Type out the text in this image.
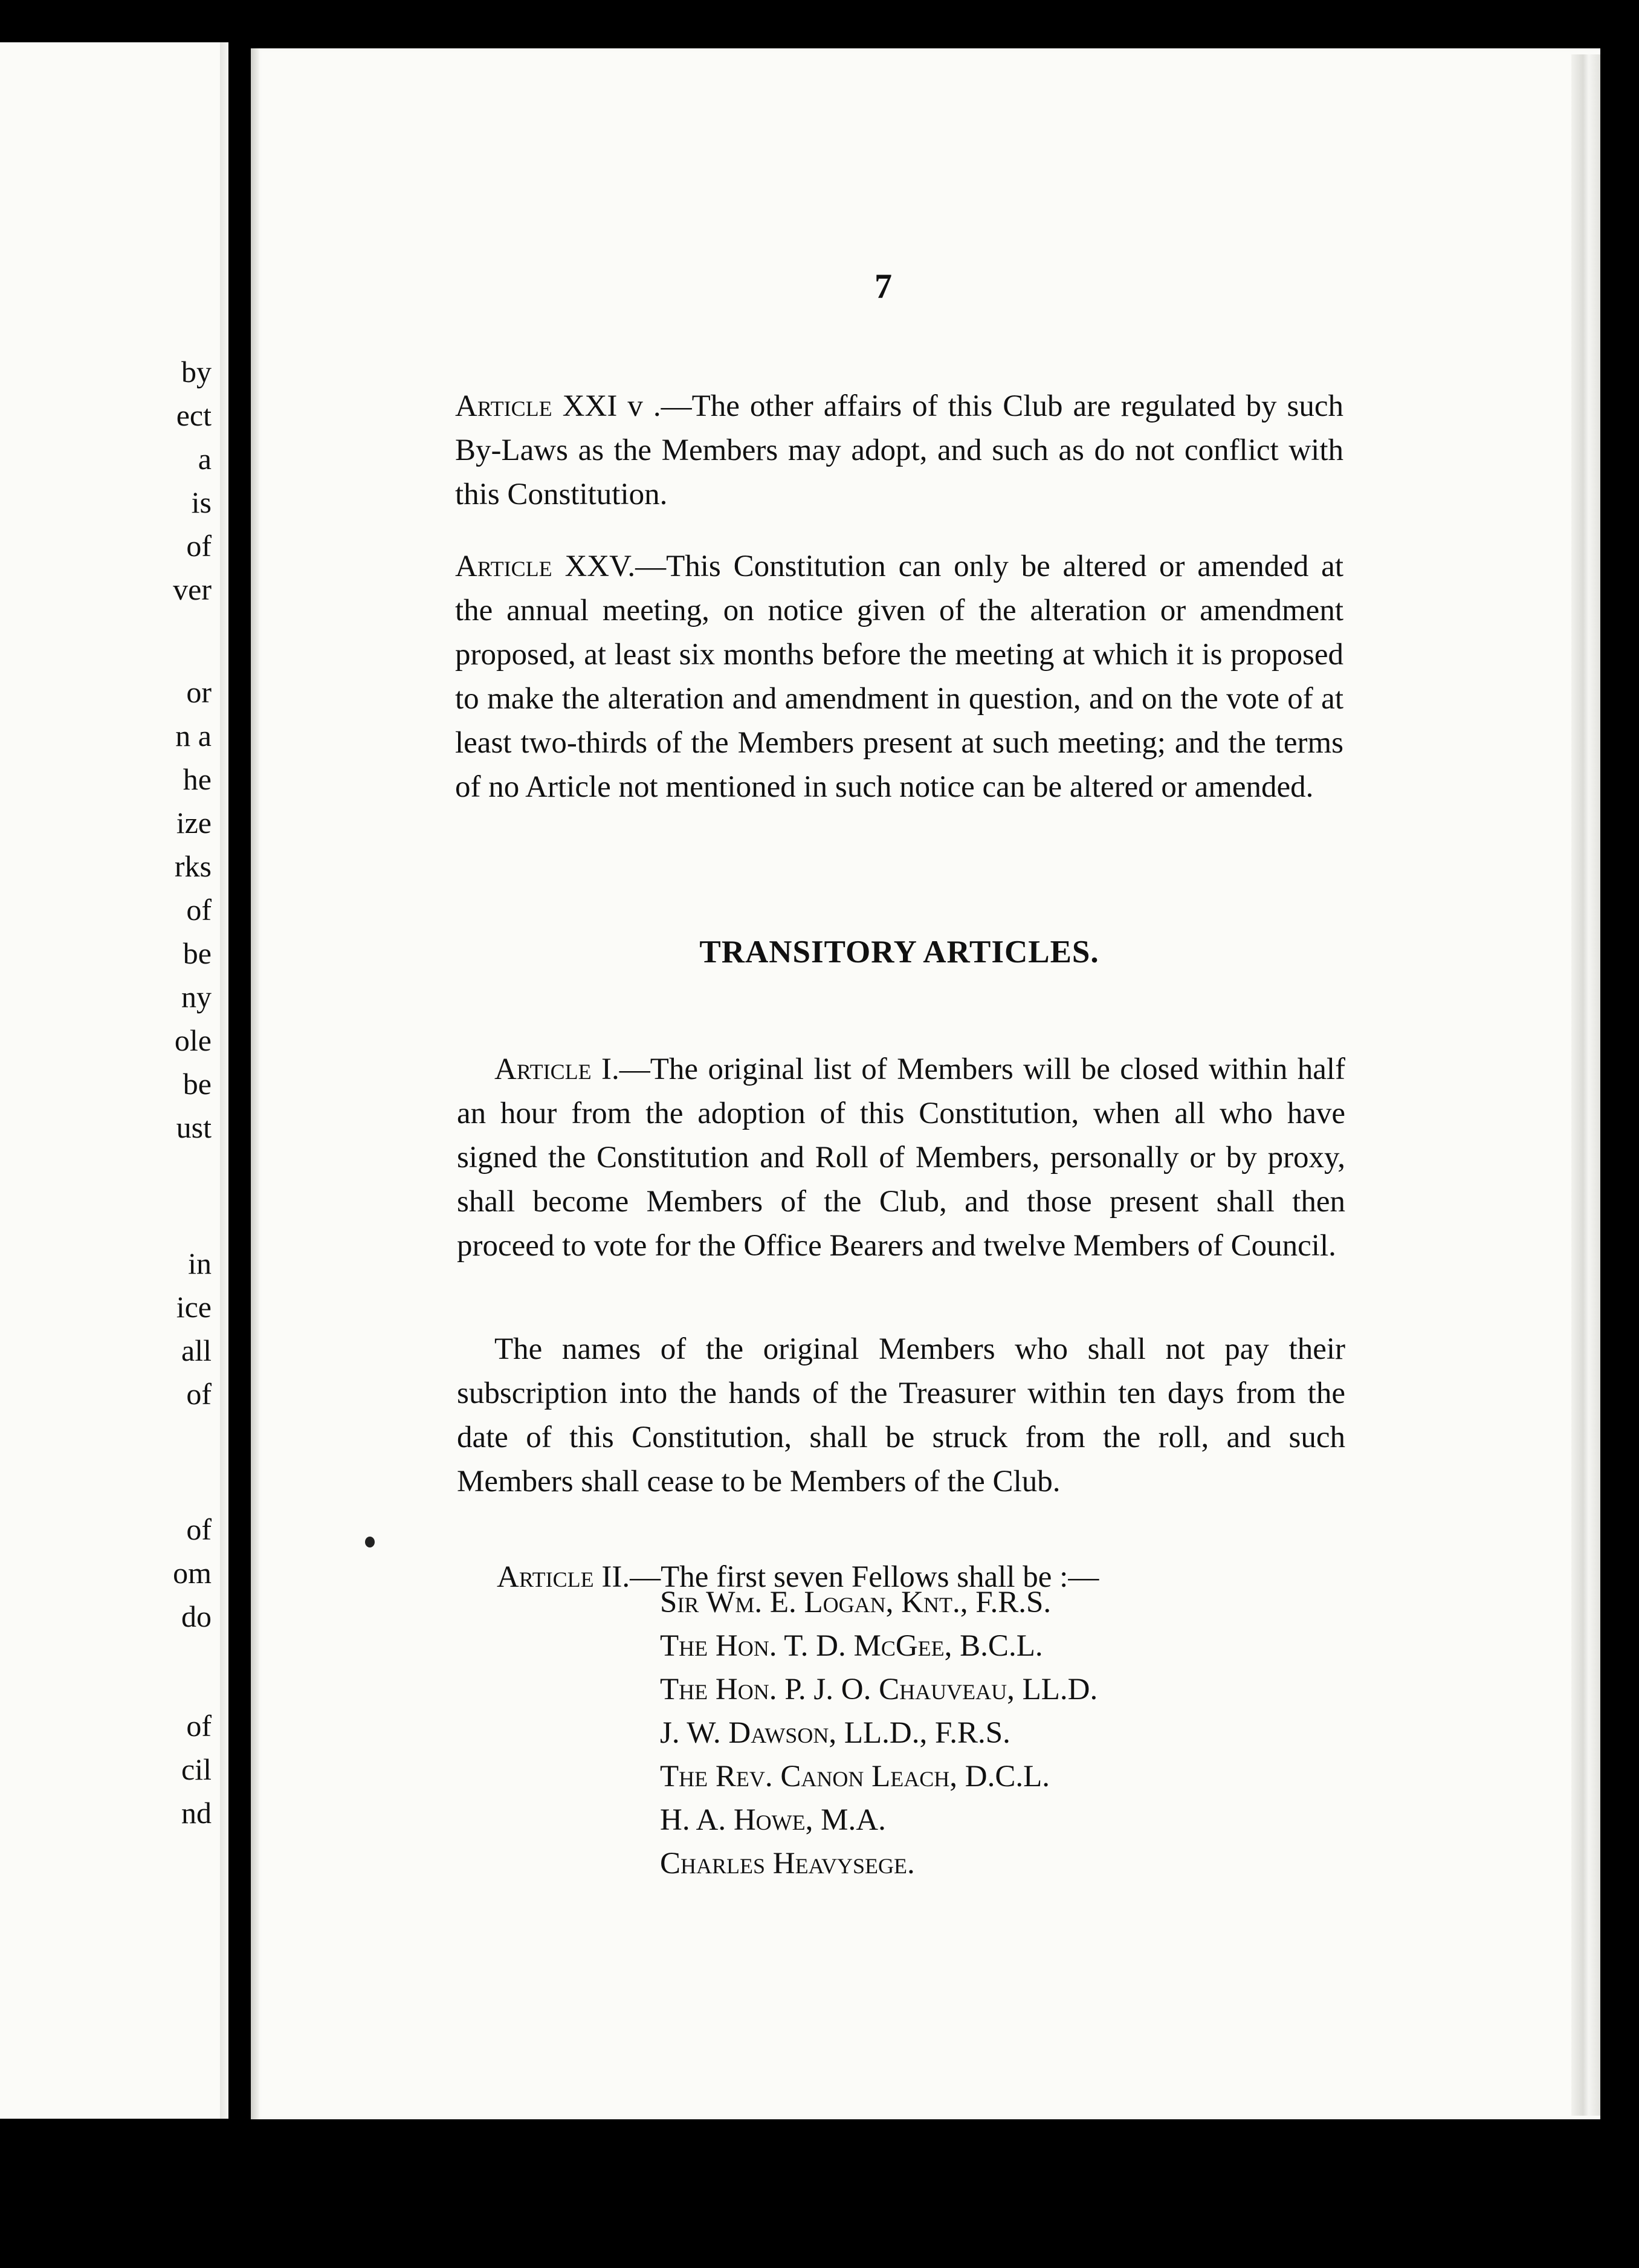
by
ect
a
is
of
ver
or
n a
he
ize
rks
of
be
ny
ole
be
ust
in
ice
all
of
of
om
do
of
cil
nd
7

Article XXI v .—The other affairs of this Club are regulated by such By-Laws as the Members may adopt, and such as do not conflict with this Constitution.

Article XXV.—This Constitution can only be altered or amended at the annual meeting, on notice given of the alteration or amendment proposed, at least six months before the meeting at which it is proposed to make the alteration and amendment in question, and on the vote of at least two-thirds of the Members present at such meeting; and the terms of no Article not mentioned in such notice can be altered or amended.

TRANSITORY ARTICLES.

Article I.—The original list of Members will be closed within half an hour from the adoption of this Constitution, when all who have signed the Constitution and Roll of Members, personally or by proxy, shall become Members of the Club, and those present shall then proceed to vote for the Office Bearers and twelve Members of Council.

The names of the original Members who shall not pay their subscription into the hands of the Treasurer within ten days from the date of this Constitution, shall be struck from the roll, and such Members shall cease to be Members of the Club.

Article II.—The first seven Fellows shall be :—

Sir Wm. E. Logan, Knt., F.R.S.
The Hon. T. D. McGee, B.C.L.
The Hon. P. J. O. Chauveau, LL.D.
J. W. Dawson, LL.D., F.R.S.
The Rev. Canon Leach, D.C.L.
H. A. Howe, M.A.
Charles Heavysege.
